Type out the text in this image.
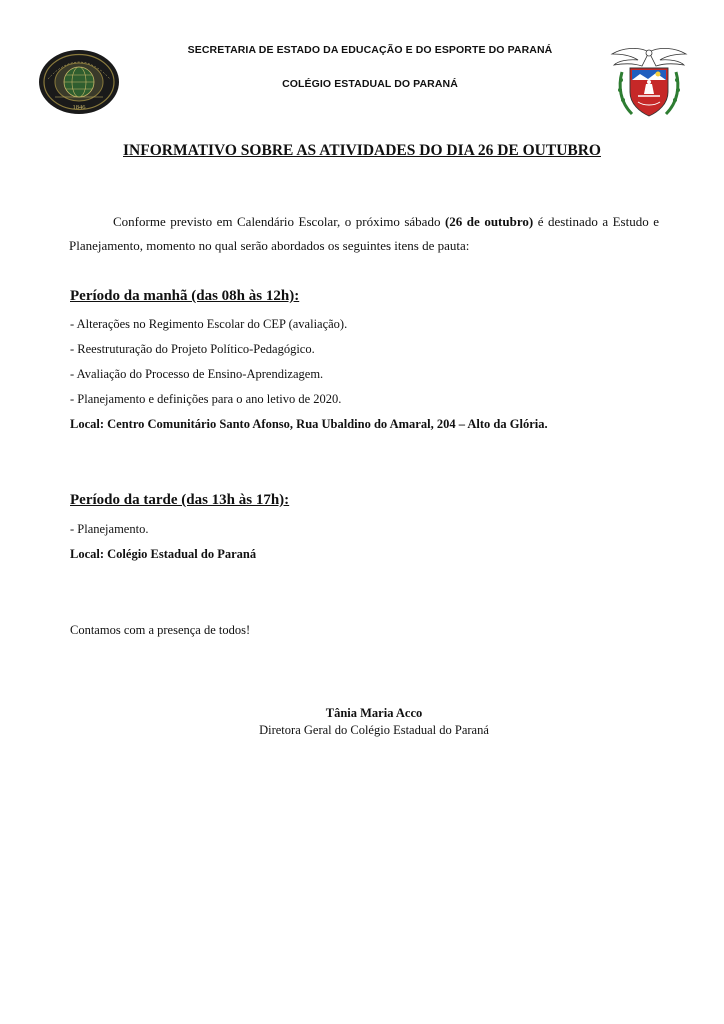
1846
SECRETARIA DE ESTADO DA EDUCAÇÃO E DO ESPORTE DO PARANÁ
COLÉGIO ESTADUAL DO PARANÁ
INFORMATIVO SOBRE AS ATIVIDADES DO DIA 26 DE OUTUBRO

Conforme previsto em Calendário Escolar, o próximo sábado (26 de outubro) é destinado a Estudo e Planejamento, momento no qual serão abordados os seguintes itens de pauta:

Período da manhã (das 08h às 12h):
- Alterações no Regimento Escolar do CEP (avaliação).
- Reestruturação do Projeto Político-Pedagógico.
- Avaliação do Processo de Ensino-Aprendizagem.
- Planejamento e definições para o ano letivo de 2020.
Local: Centro Comunitário Santo Afonso, Rua Ubaldino do Amaral, 204 – Alto da Glória.
Período da tarde (das 13h às 17h):
- Planejamento.
Local: Colégio Estadual do Paraná
Contamos com a presença de todos!
Tânia Maria Acco
Diretora Geral do Colégio Estadual do Paraná
